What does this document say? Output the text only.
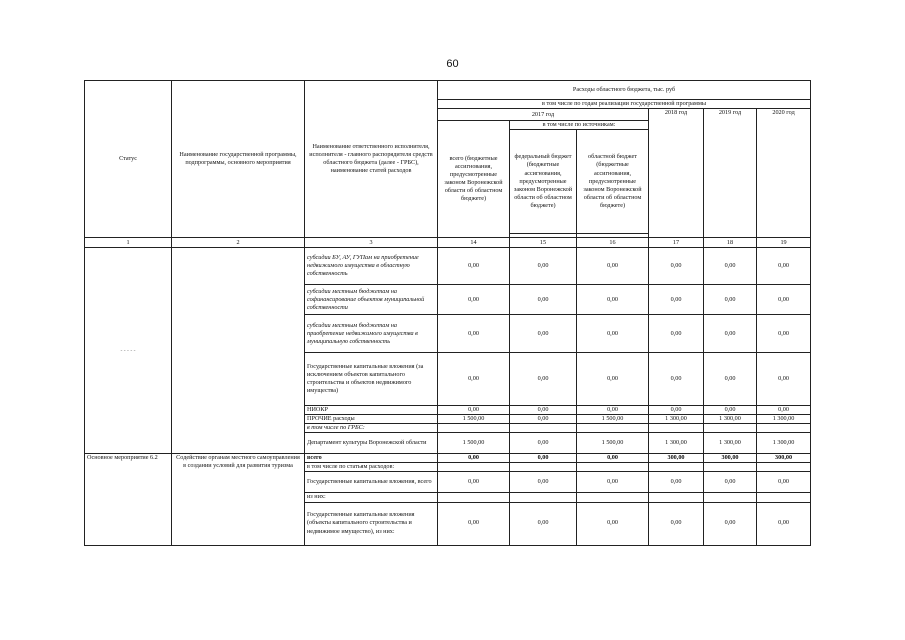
60
Статус	Наименование государственной программы, подпрограммы, основного мероприятия	Наименование ответственного исполнителя, исполнителя - главного распорядителя средств областного бюджета (далее - ГРБС), наименование статей расходов	Расходы областного бюджета, тыс. руб					
			в том числе по годам реализации государственной программы					
			2017 год			2018 год	2019 год	2020 год
			всего (бюджетные ассигнования, предусмотренные законом Воронежской области об областном бюджете)	в том числе по источникам:				
				федеральный бюджет (бюджетные ассигнования, предусмотренные законом Воронежской области об областном бюджете)	областной бюджет (бюджетные ассигнования, предусмотренные законом Воронежской области об областном бюджете)			

1	2	3	14	15	16	17	18	19
- - - - -		субсидии БУ, АУ, ГУПам на приобретение недвижимого имущества в областную собственность	0,00	0,00	0,00	0,00	0,00	0,00
		субсидии местным бюджетам на софинансирование объектов муниципальной собственности	0,00	0,00	0,00	0,00	0,00	0,00
		субсидии местным бюджетам на приобретение недвижимого имущества в муниципальную собственность	0,00	0,00	0,00	0,00	0,00	0,00
		Государственные капитальные вложения (за исключением объектов капитального строительства и объектов недвижимого имущества)	0,00	0,00	0,00	0,00	0,00	0,00
		НИОКР	0,00	0,00	0,00	0,00	0,00	0,00
		ПРОЧИЕ расходы	1 500,00	0,00	1 500,00	1 300,00	1 300,00	1 300,00
		в том числе по ГРБС:						
		Департамент культуры Воронежской области	1 500,00	0,00	1 500,00	1 300,00	1 300,00	1 300,00
Основное мероприятие 6.2	Содействие органам местного самоуправления в создании условий для развития туризма	всего	0,00	0,00	0,00	300,00	300,00	300,00
		в том числе по статьям расходов:						
		Государственные капитальные вложения, всего	0,00	0,00	0,00	0,00	0,00	0,00
		из них:						
		Государственные капитальные вложения (объекты капитального строительства и недвижимое имущество), из них:	0,00	0,00	0,00	0,00	0,00	0,00
